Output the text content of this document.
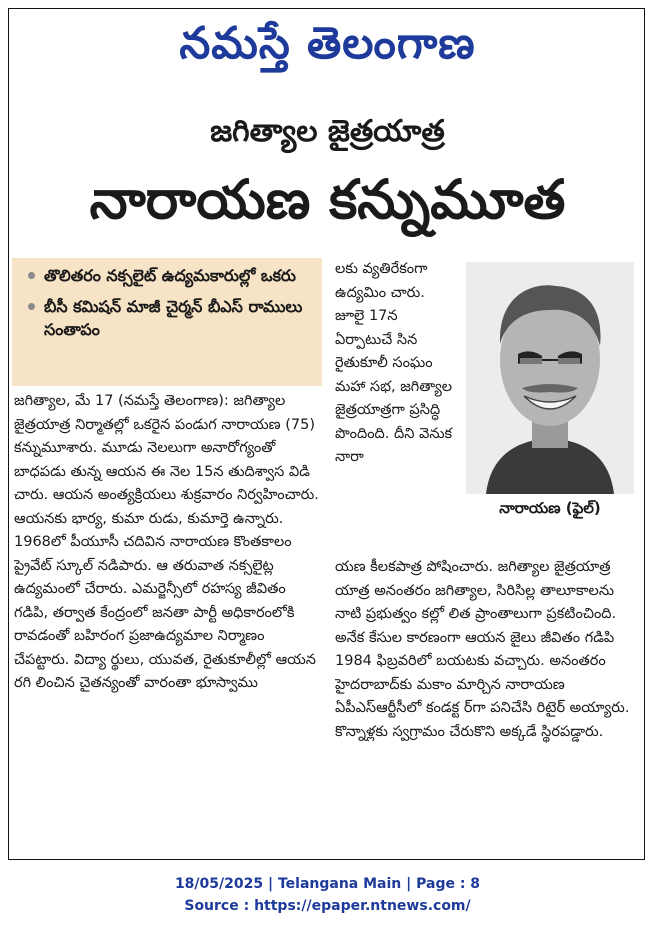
నమస్తే తెలంగాణ
జగిత్యాల జైత్రయాత్ర
నారాయణ కన్నుమూత
తొలితరం నక్సలైట్ ఉద్యమకారుల్లో ఒకరు
బీసీ కమిషన్ మాజీ చైర్మన్ బీఎస్ రాములు సంతాపం

జగిత్యాల, మే 17 (నమస్తే తెలంగాణ): జగిత్యాల జైత్రయాత్ర నిర్మాతల్లో ఒకరైన పండుగ నారాయణ (75) కన్నుమూశారు. మూడు నెలలుగా అనారోగ్యంతో బాధపడు తున్న ఆయన ఈ నెల 15న తుదిశ్వాస విడి చారు. ఆయన అంత్యక్రియలు శుక్రవారం నిర్వహించారు. ఆయనకు భార్య, కుమా రుడు, కుమార్తె ఉన్నారు. 1968లో పీయూసీ చదివిన నారాయణ కొంతకాలం ప్రైవేట్ స్కూల్ నడిపారు. ఆ తరువాత నక్సలైట్ల ఉద్యమంలో చేరారు. ఎమర్జెన్సీలో రహస్య జీవితం గడిపి, తర్వాత కేంద్రంలో జనతా పార్టీ అధికారంలోకి రావడంతో బహిరంగ ప్రజాఉద్యమాల నిర్మాణం చేపట్టారు. విద్యా ర్థులు, యువత, రైతుకూలీల్లో ఆయన రగి లించిన చైతన్యంతో వారంతా భూస్వాము

లకు వ్యతిరేకంగా ఉద్యమిం చారు. జూలై 17న ఏర్పాటుచే సిన రైతుకూలీ సంఘం మహా సభ, జగిత్యాల జైత్రయాత్రగా ప్రసిద్ధి పొందింది. దీని వెనుక నారా

నారాయణ (ఫైల్)

యణ కీలకపాత్ర పోషించారు. జగిత్యాల జైత్రయాత్ర యాత్ర అనంతరం జగిత్యాల, సిరిసిల్ల తాలూకాలను నాటి ప్రభుత్వం కల్లో లిత ప్రాంతాలుగా ప్రకటించింది. అనేక కేసుల కారణంగా ఆయన జైలు జీవితం గడిపి 1984 ఫిబ్రవరిలో బయటకు వచ్చారు. అనంతరం హైదరాబాద్‌కు మకాం మార్చిన నారాయణ ఏపీఎస్ఆర్టీసీలో కండక్ట ర్‌గా పనిచేసి రిటైర్ అయ్యారు. కొన్నాళ్లకు స్వగ్రామం చేరుకొని అక్కడే స్థిరపడ్డారు.

18/05/2025 | Telangana Main | Page : 8
Source : https://epaper.ntnews.com/
